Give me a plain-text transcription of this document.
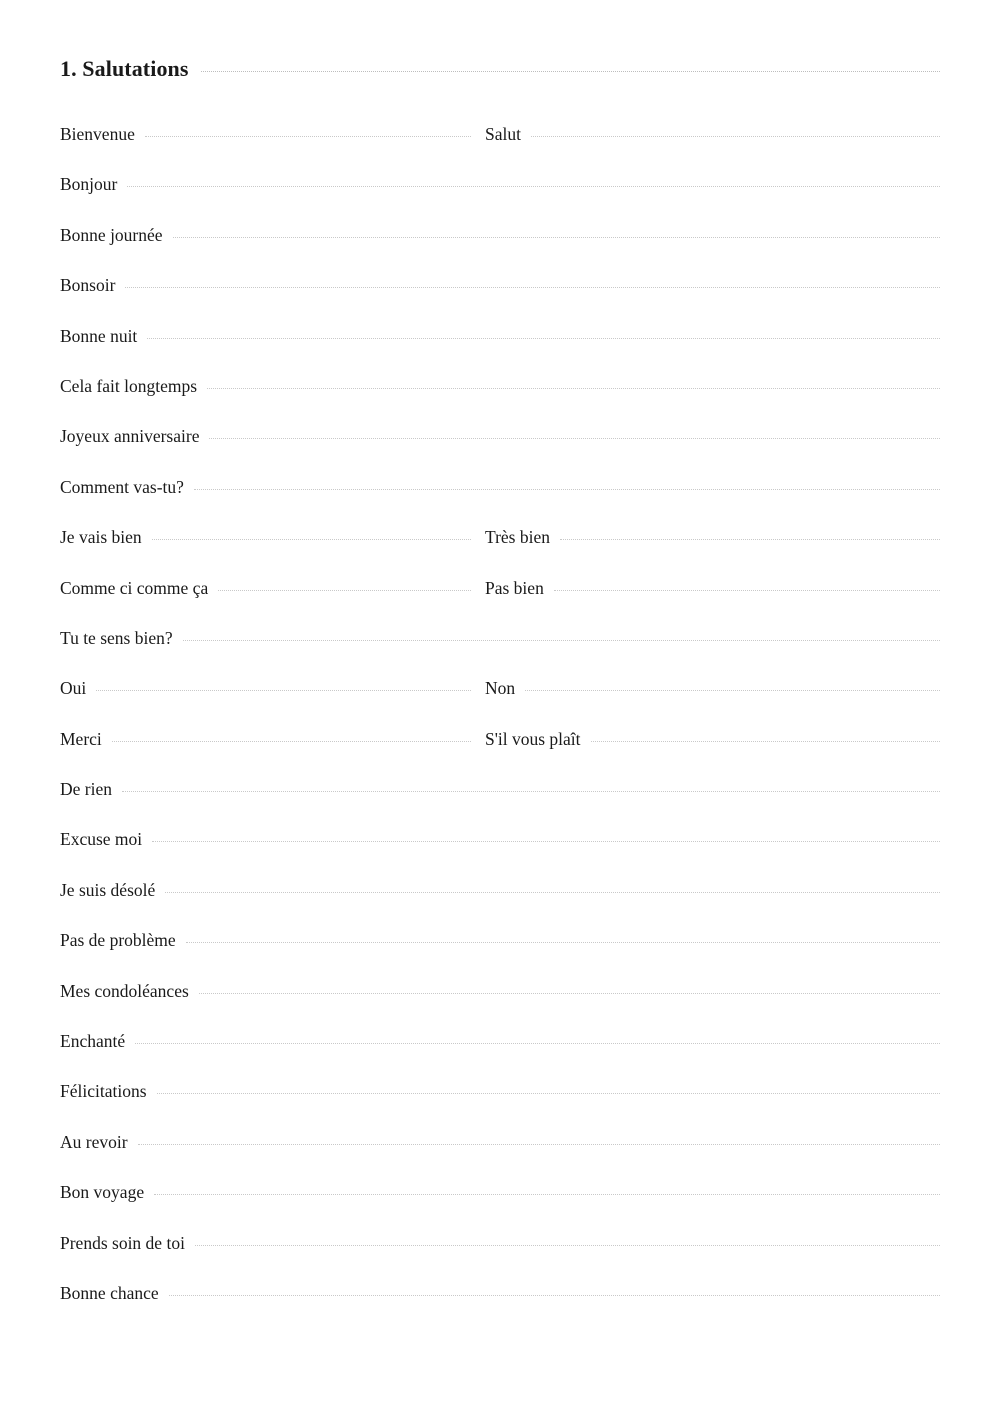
1. Salutations
Bienvenue	Salut
Bonjour
Bonne journée
Bonsoir
Bonne nuit
Cela fait longtemps
Joyeux anniversaire
Comment vas-tu?
Je vais bien	Très bien
Comme ci comme ça	Pas bien
Tu te sens bien?
Oui	Non
Merci	S'il vous plaît
De rien
Excuse moi
Je suis désolé
Pas de problème
Mes condoléances
Enchanté
Félicitations
Au revoir
Bon voyage
Prends soin de toi
Bonne chance
